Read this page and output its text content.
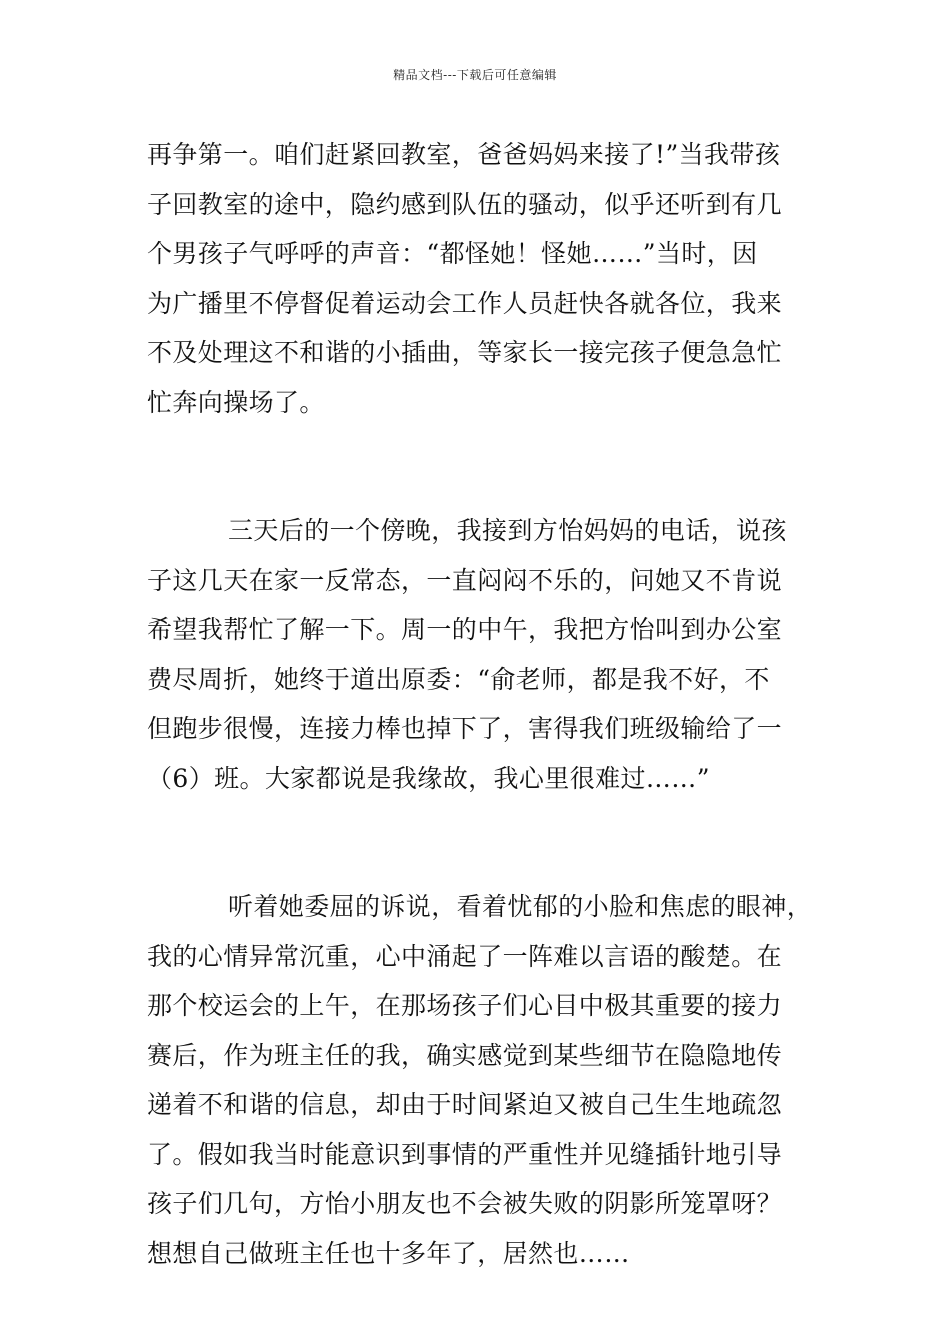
精品文档---下载后可任意编辑
再争第一。咱们赶紧回教室，爸爸妈妈来接了!”当我带孩
子回教室的途中，隐约感到队伍的骚动，似乎还听到有几
个男孩子气呼呼的声音：“都怪她！怪她……”当时，因
为广播里不停督促着运动会工作人员赶快各就各位，我来
不及处理这不和谐的小插曲，等家长一接完孩子便急急忙
忙奔向操场了。
三天后的一个傍晚，我接到方怡妈妈的电话，说孩
子这几天在家一反常态，一直闷闷不乐的，问她又不肯说
希望我帮忙了解一下。周一的中午，我把方怡叫到办公室
费尽周折，她终于道出原委：“俞老师，都是我不好，不
但跑步很慢，连接力棒也掉下了，害得我们班级输给了一
（6）班。大家都说是我缘故，我心里很难过……”
听着她委屈的诉说，看着忧郁的小脸和焦虑的眼神，
我的心情异常沉重，心中涌起了一阵难以言语的酸楚。在
那个校运会的上午，在那场孩子们心目中极其重要的接力
赛后，作为班主任的我，确实感觉到某些细节在隐隐地传
递着不和谐的信息，却由于时间紧迫又被自己生生地疏忽
了。假如我当时能意识到事情的严重性并见缝插针地引导
孩子们几句，方怡小朋友也不会被失败的阴影所笼罩呀？
想想自己做班主任也十多年了，居然也……
